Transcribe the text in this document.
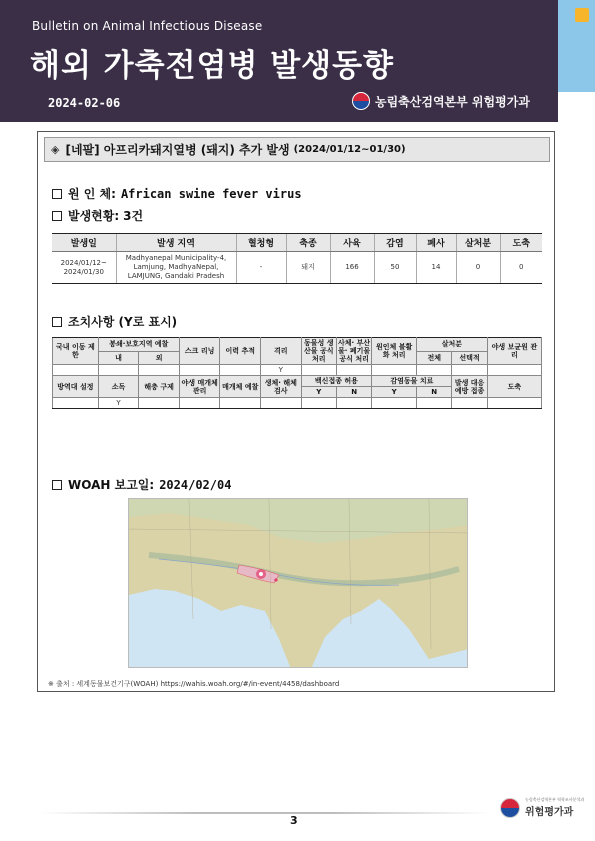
Bulletin on Animal Infectious Disease
해외 가축전염병 발생동향
2024-02-06	농림축산검역본부 위험평가과
◈ [네팔] 아프리카돼지열병 (돼지) 추가 발생 (2024/01/12~01/30)
원 인 체: African swine fever virus
발생현황: 3건
발생일	발생 지역	혈청형	축종	사육	감염	폐사	살처분	도축
2024/01/12~ 2024/01/30	Madhyanepal Municipality-4, Lamjung, MadhyaNepal, LAMJUNG, Gandaki Pradesh	-	돼지	166	50	14	0	0
조치사항 (Y로 표시)
국내 이동 제한	봉쇄·보호지역 예찰		스크 리닝	이력 추적	격리	동물성 생산물 공식 처리	사체· 부산물· 폐기물 공식 처리	원인체 불활화 처리	살처분		야생 보균원 관리
	내	외							전체	선택적	
					Y						
방역대 설정	소독	해충 구제	야생 매개체 관리	매개체 예찰	생체· 해체 검사	백신접종 허용		감염동물 치료		발생 대응 예방 접종	도축
						Y	N	Y	N		
	Y										
WOAH 보고일: 2024/02/04
※ 출처 : 세계동물보건기구(WOAH) https://wahis.woah.org/#/in-event/4458/dashboard
3
농림축산검역본부 역학조사분석과
위험평가과
